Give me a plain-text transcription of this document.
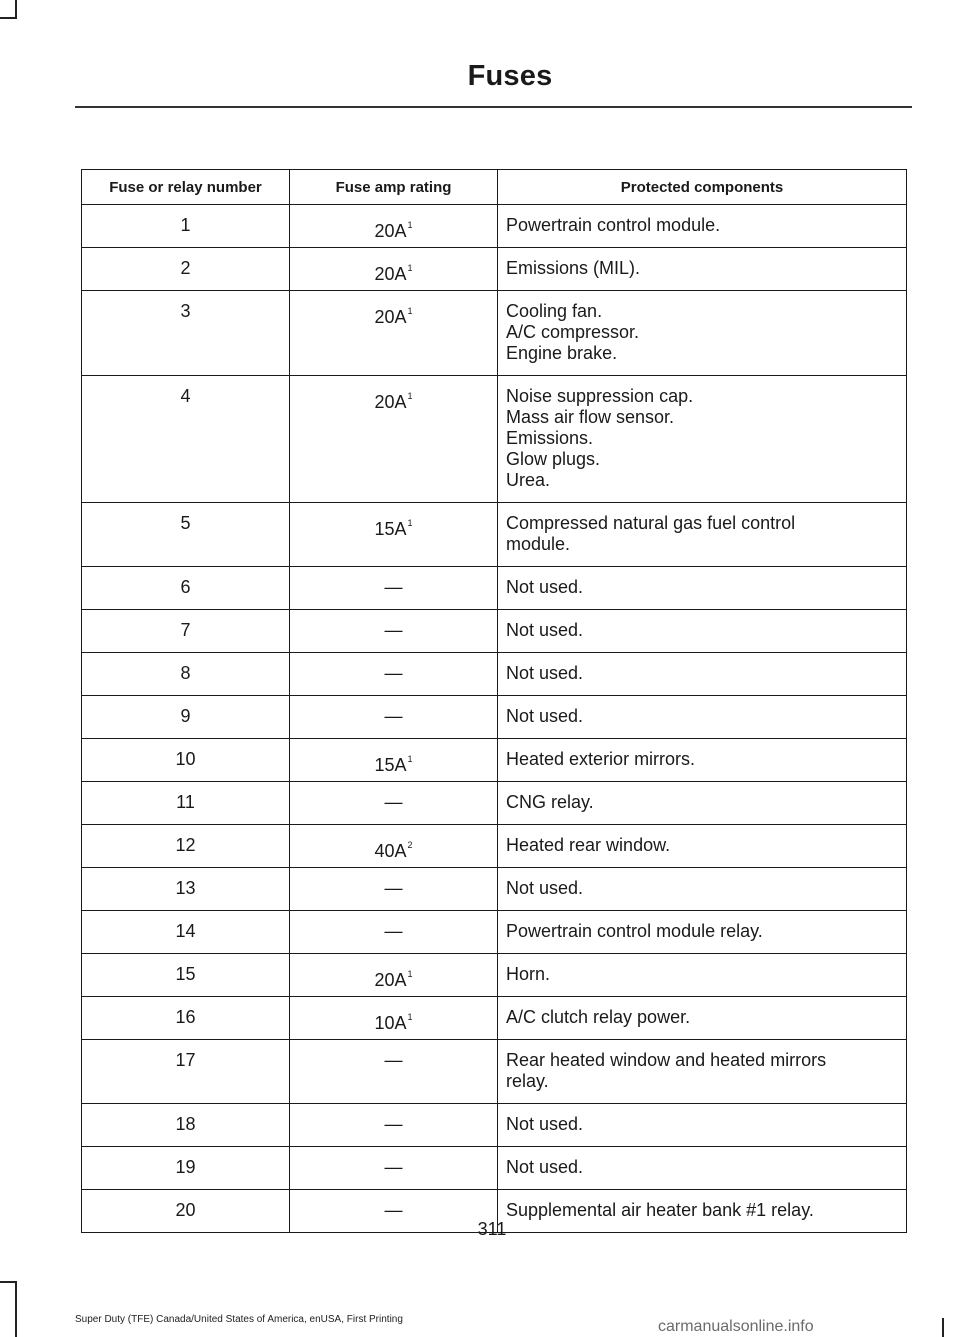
Fuses
Fuse or relay number	Fuse amp rating	Protected components
1	$20A^1$	Powertrain control module.

2	$20A^1$	Emissions (MIL).

3	$20A^1$	Cooling fan.
A/C compressor.
Engine brake.

4	$20A^1$	Noise suppression cap.
Mass air flow sensor.
Emissions.
Glow plugs.
Urea.

5	$15A^1$	Compressed natural gas fuel control
module.

6	—	Not used.

7	—	Not used.

8	—	Not used.

9	—	Not used.

10	$15A^1$	Heated exterior mirrors.

11	—	CNG relay.

12	$40A^2$	Heated rear window.

13	—	Not used.

14	—	Powertrain control module relay.

15	$20A^1$	Horn.

16	$10A^1$	A/C clutch relay power.

17	—	Rear heated window and heated mirrors
relay.

18	—	Not used.

19	—	Not used.

20	—	Supplemental air heater bank #1 relay.
311
Super Duty (TFE) Canada/United States of America, enUSA, First Printing	carmanualsonline.info
